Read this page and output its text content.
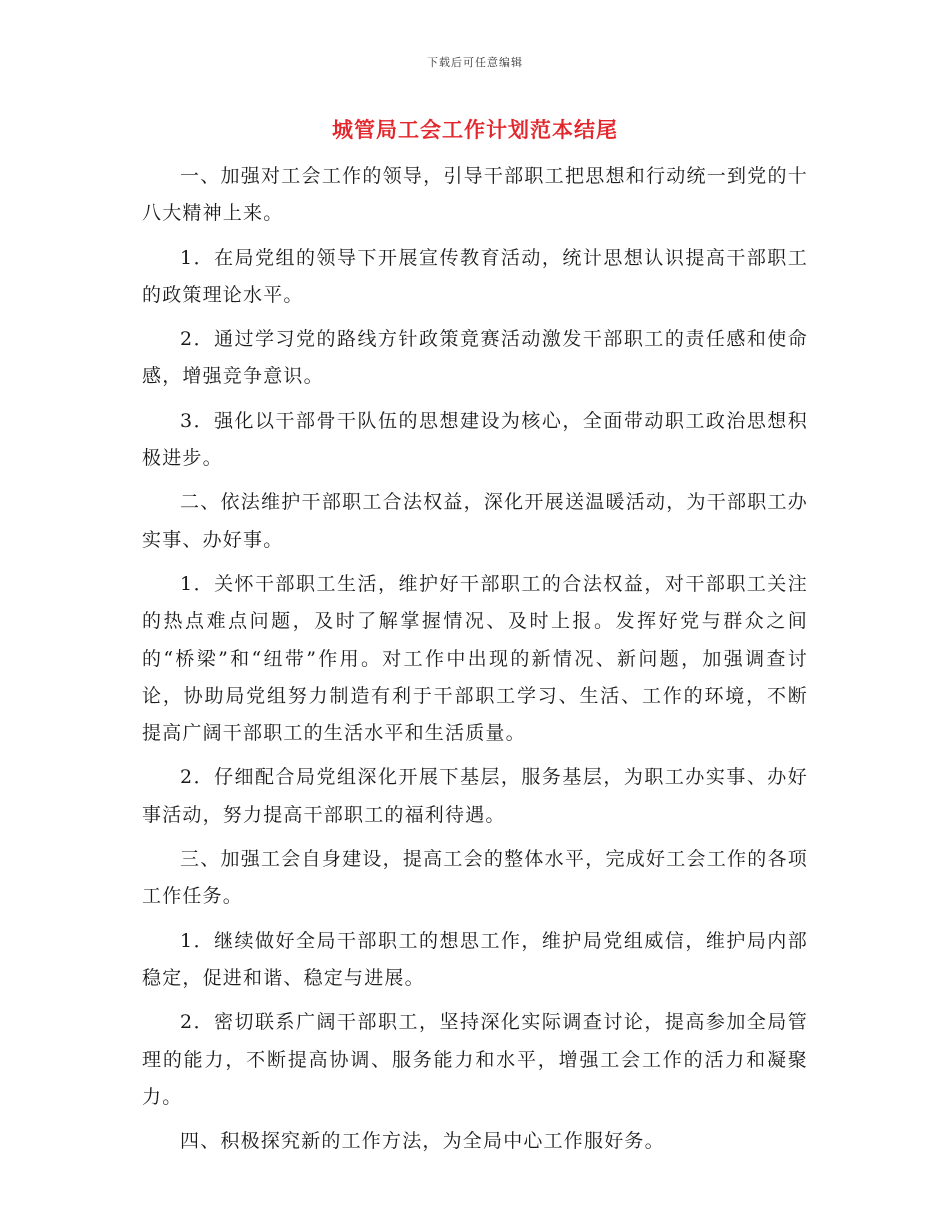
下载后可任意编辑
城管局工会工作计划范本结尾

一、加强对工会工作的领导，引导干部职工把思想和行动统一到党的十八大精神上来。

1．在局党组的领导下开展宣传教育活动，统计思想认识提高干部职工的政策理论水平。

2．通过学习党的路线方针政策竟赛活动激发干部职工的责任感和使命感，增强竞争意识。

3．强化以干部骨干队伍的思想建设为核心，全面带动职工政治思想积极进步。

二、依法维护干部职工合法权益，深化开展送温暖活动，为干部职工办实事、办好事。

1．关怀干部职工生活，维护好干部职工的合法权益，对干部职工关注的热点难点问题，及时了解掌握情况、及时上报。发挥好党与群众之间的“桥梁”和“纽带”作用。对工作中出现的新情况、新问题，加强调查讨论，协助局党组努力制造有利于干部职工学习、生活、工作的环境，不断提高广阔干部职工的生活水平和生活质量。

2．仔细配合局党组深化开展下基层，服务基层，为职工办实事、办好事活动，努力提高干部职工的福利待遇。

三、加强工会自身建设，提高工会的整体水平，完成好工会工作的各项工作任务。

1．继续做好全局干部职工的想思工作，维护局党组威信，维护局内部稳定，促进和谐、稳定与进展。

2．密切联系广阔干部职工，坚持深化实际调查讨论，提高参加全局管理的能力，不断提高协调、服务能力和水平，增强工会工作的活力和凝聚力。

四、积极探究新的工作方法，为全局中心工作服好务。
